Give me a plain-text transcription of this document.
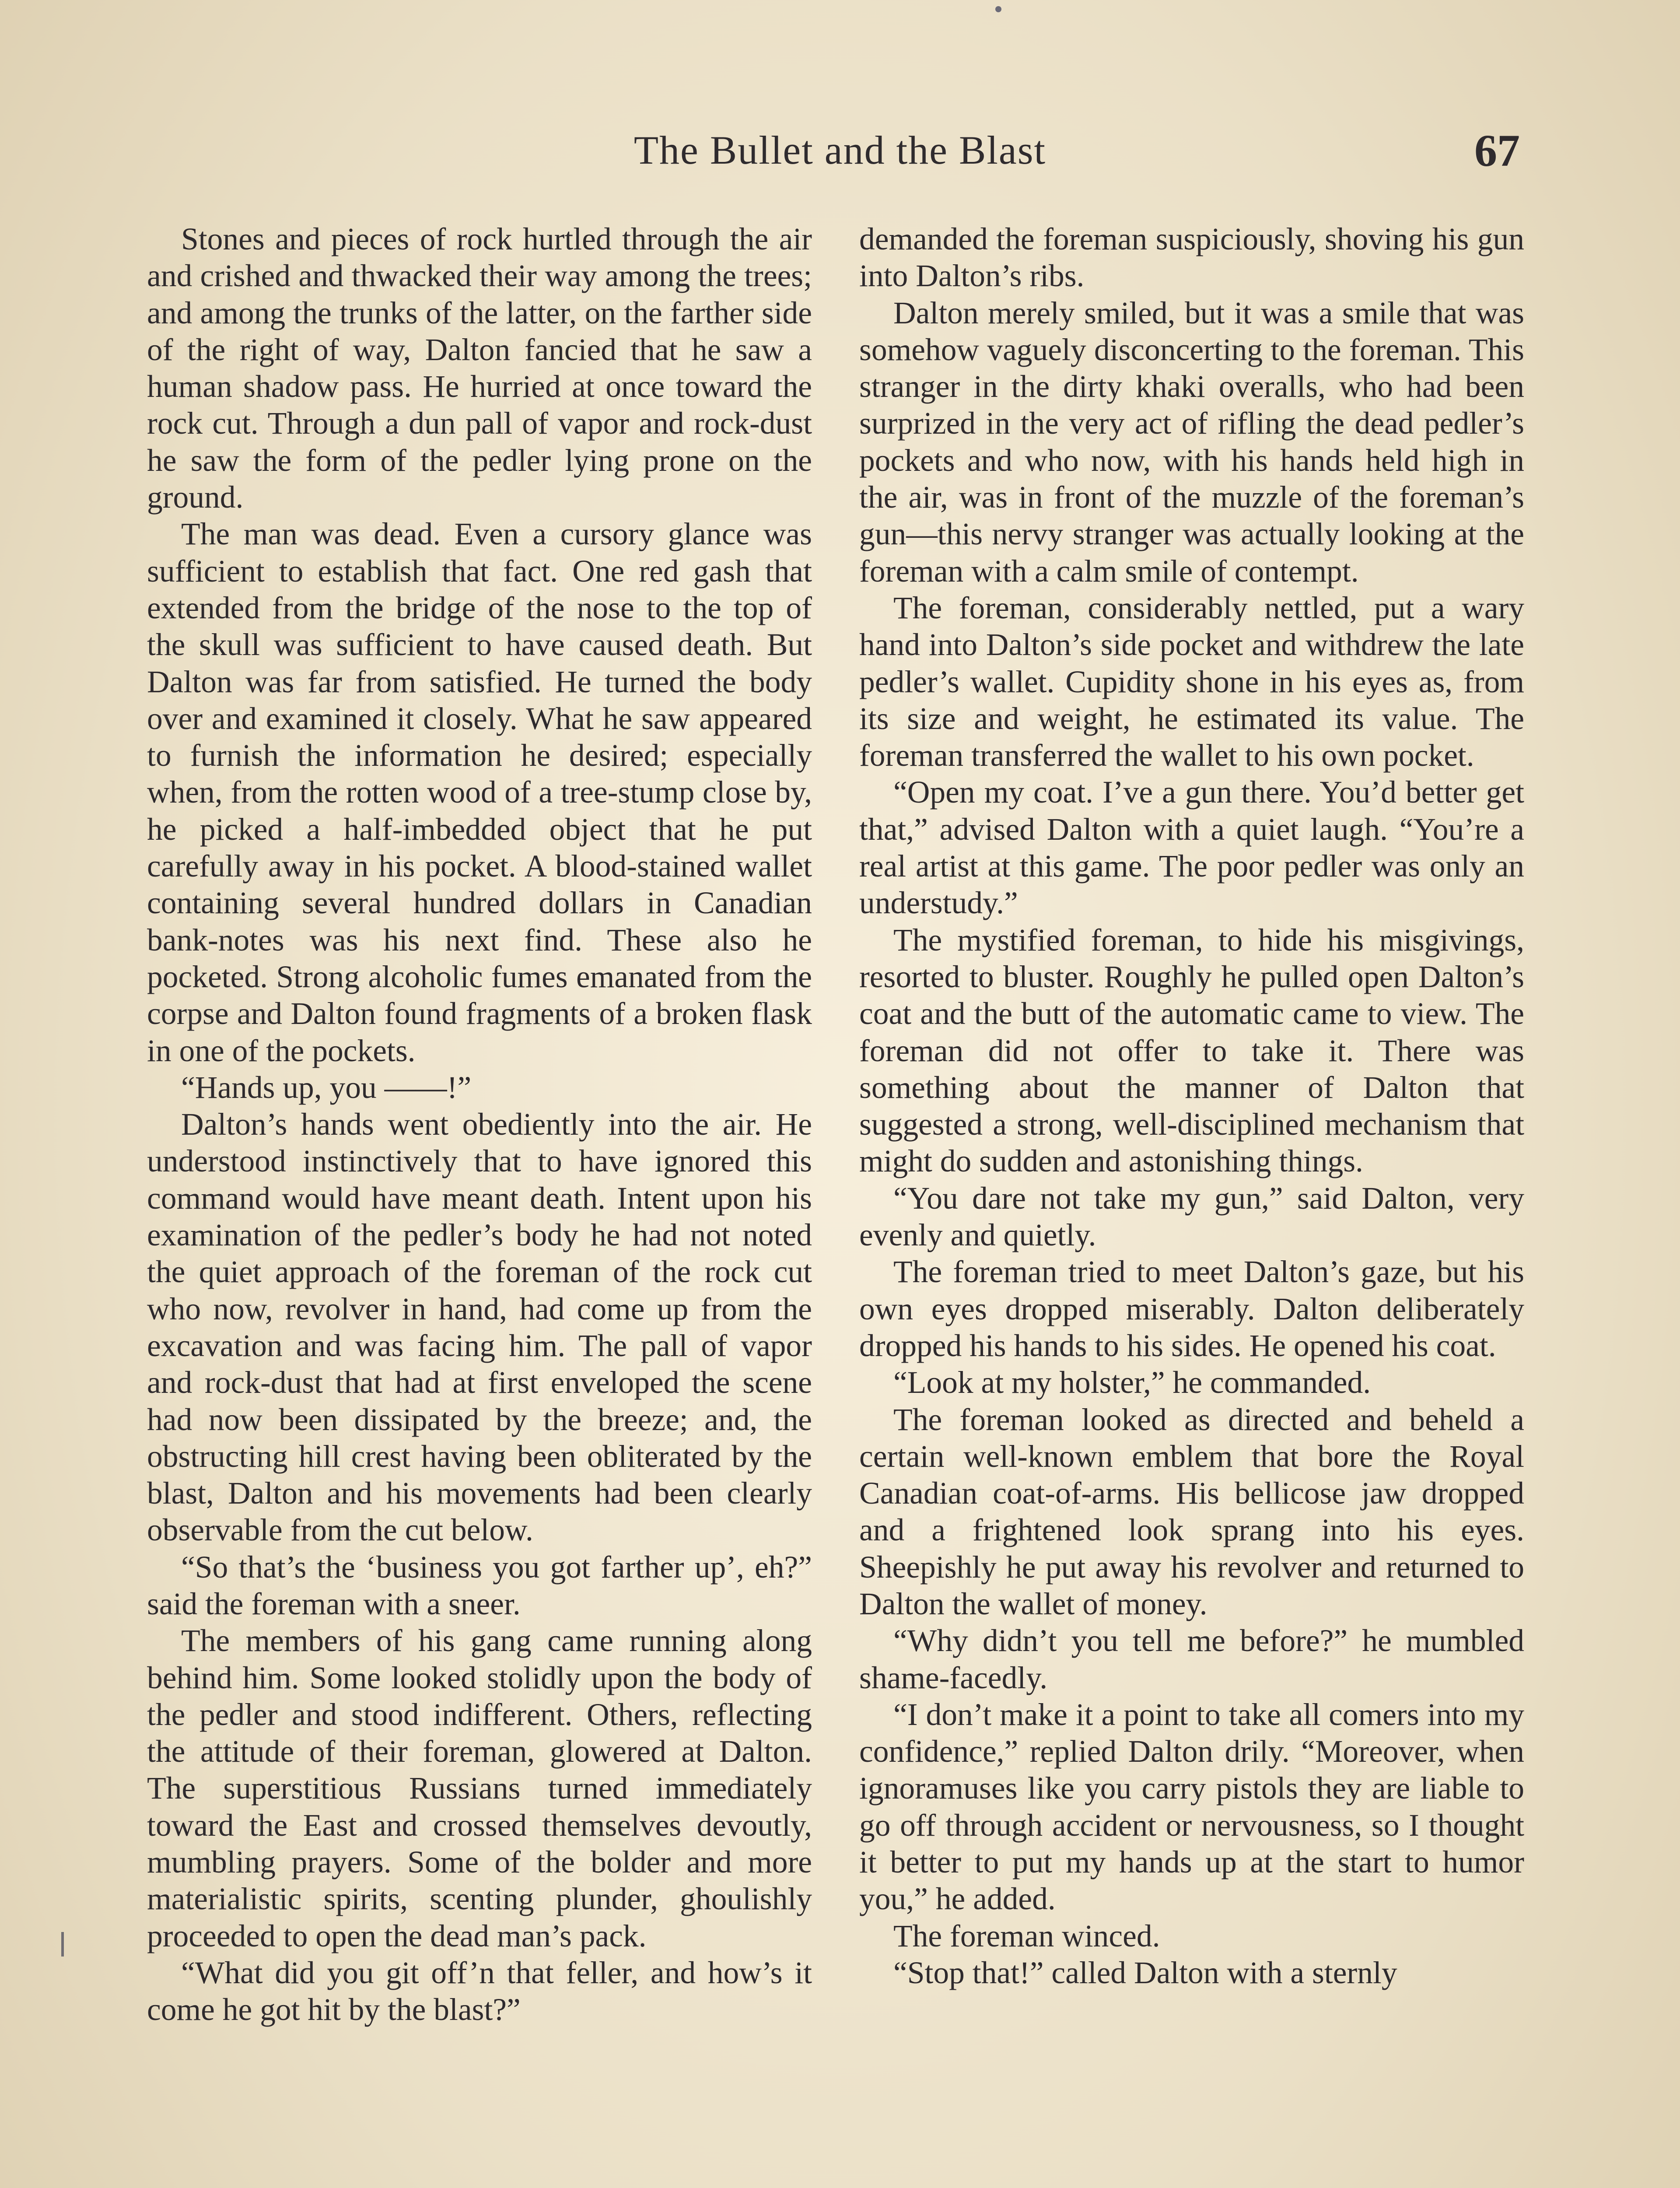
The Bullet and the Blast	67

Stones and pieces of rock hurtled through the air and crished and thwacked their way among the trees; and among the trunks of the latter, on the farther side of the right of way, Dalton fancied that he saw a human shadow pass. He hurried at once toward the rock cut. Through a dun pall of vapor and rock-dust he saw the form of the pedler lying prone on the ground.

The man was dead. Even a cursory glance was sufficient to establish that fact. One red gash that extended from the bridge of the nose to the top of the skull was sufficient to have caused death. But Dalton was far from satisfied. He turned the body over and examined it closely. What he saw appeared to furnish the information he desired; especially when, from the rotten wood of a tree-stump close by, he picked a half-imbedded object that he put carefully away in his pocket. A blood-stained wallet containing several hundred dollars in Canadian bank-notes was his next find. These also he pocketed. Strong alcoholic fumes emanated from the corpse and Dalton found fragments of a broken flask in one of the pockets.

“Hands up, you ——!”

Dalton’s hands went obediently into the air. He understood instinctively that to have ignored this command would have meant death. Intent upon his examination of the pedler’s body he had not noted the quiet approach of the foreman of the rock cut who now, revolver in hand, had come up from the excavation and was facing him. The pall of vapor and rock-dust that had at first enveloped the scene had now been dissipated by the breeze; and, the obstructing hill crest having been obliterated by the blast, Dalton and his movements had been clearly observable from the cut below.

“So that’s the ‘business you got farther up’, eh?” said the foreman with a sneer.

The members of his gang came running along behind him. Some looked stolidly upon the body of the pedler and stood indifferent. Others, reflecting the attitude of their foreman, glowered at Dalton. The superstitious Russians turned immediately toward the East and crossed themselves devoutly, mumbling prayers. Some of the bolder and more materialistic spirits, scenting plunder, ghoulishly proceeded to open the dead man’s pack.

“What did you git off’n that feller, and how’s it come he got hit by the blast?”

demanded the foreman suspiciously, shoving his gun into Dalton’s ribs.

Dalton merely smiled, but it was a smile that was somehow vaguely disconcerting to the foreman. This stranger in the dirty khaki overalls, who had been surprized in the very act of rifling the dead pedler’s pockets and who now, with his hands held high in the air, was in front of the muzzle of the foreman’s gun—this nervy stranger was actually looking at the foreman with a calm smile of contempt.

The foreman, considerably nettled, put a wary hand into Dalton’s side pocket and withdrew the late pedler’s wallet. Cupidity shone in his eyes as, from its size and weight, he estimated its value. The foreman transferred the wallet to his own pocket.

“Open my coat. I’ve a gun there. You’d better get that,” advised Dalton with a quiet laugh. “You’re a real artist at this game. The poor pedler was only an understudy.”

The mystified foreman, to hide his misgivings, resorted to bluster. Roughly he pulled open Dalton’s coat and the butt of the automatic came to view. The foreman did not offer to take it. There was something about the manner of Dalton that suggested a strong, well-disciplined mechanism that might do sudden and astonishing things.

“You dare not take my gun,” said Dalton, very evenly and quietly.

The foreman tried to meet Dalton’s gaze, but his own eyes dropped miserably. Dalton deliberately dropped his hands to his sides. He opened his coat.

“Look at my holster,” he commanded.

The foreman looked as directed and beheld a certain well-known emblem that bore the Royal Canadian coat-of-arms. His bellicose jaw dropped and a frightened look sprang into his eyes. Sheepishly he put away his revolver and returned to Dalton the wallet of money.

“Why didn’t you tell me before?” he mumbled shame-facedly.

“I don’t make it a point to take all comers into my confidence,” replied Dalton drily. “Moreover, when ignoramuses like you carry pistols they are liable to go off through accident or nervousness, so I thought it better to put my hands up at the start to humor you,” he added.

The foreman winced.

“Stop that!” called Dalton with a sternly
